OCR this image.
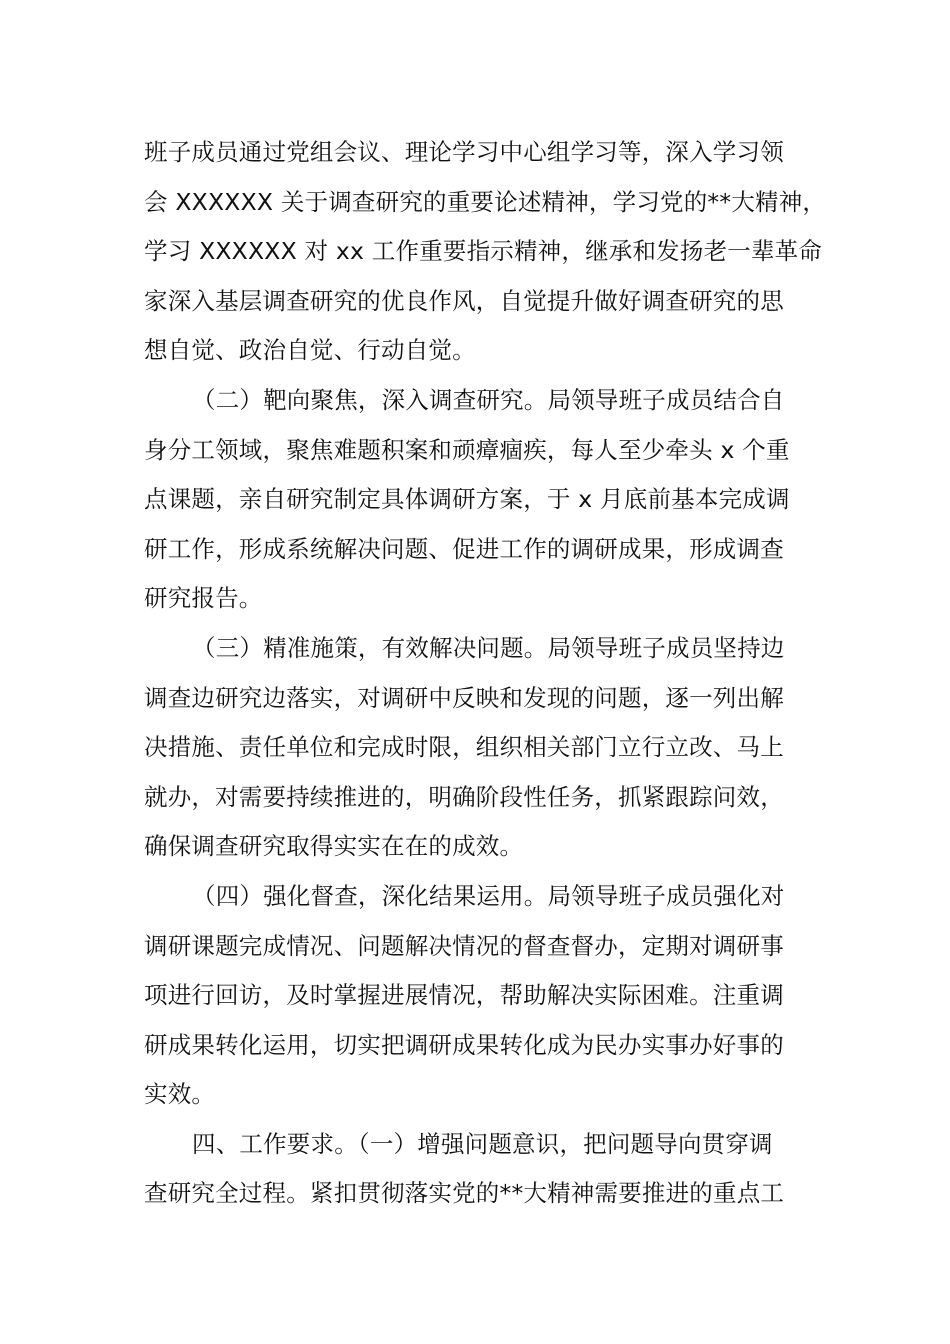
班子成员通过党组会议、理论学习中心组学习等，深入学习领
会 XXXXXX 关于调查研究的重要论述精神，学习党的**大精神，
学习 XXXXXX 对 xx 工作重要指示精神，继承和发扬老一辈革命
家深入基层调查研究的优良作风，自觉提升做好调查研究的思
想自觉、政治自觉、行动自觉。
（二）靶向聚焦，深入调查研究。局领导班子成员结合自
身分工领域，聚焦难题积案和顽瘴痼疾，每人至少牵头 x 个重
点课题，亲自研究制定具体调研方案，于 x 月底前基本完成调
研工作，形成系统解决问题、促进工作的调研成果，形成调查
研究报告。
（三）精准施策，有效解决问题。局领导班子成员坚持边
调查边研究边落实，对调研中反映和发现的问题，逐一列出解
决措施、责任单位和完成时限，组织相关部门立行立改、马上
就办，对需要持续推进的，明确阶段性任务，抓紧跟踪问效，
确保调查研究取得实实在在的成效。
（四）强化督查，深化结果运用。局领导班子成员强化对
调研课题完成情况、问题解决情况的督查督办，定期对调研事
项进行回访，及时掌握进展情况，帮助解决实际困难。注重调
研成果转化运用，切实把调研成果转化成为民办实事办好事的
实效。
四、工作要求。（一）增强问题意识，把问题导向贯穿调
查研究全过程。紧扣贯彻落实党的**大精神需要推进的重点工
